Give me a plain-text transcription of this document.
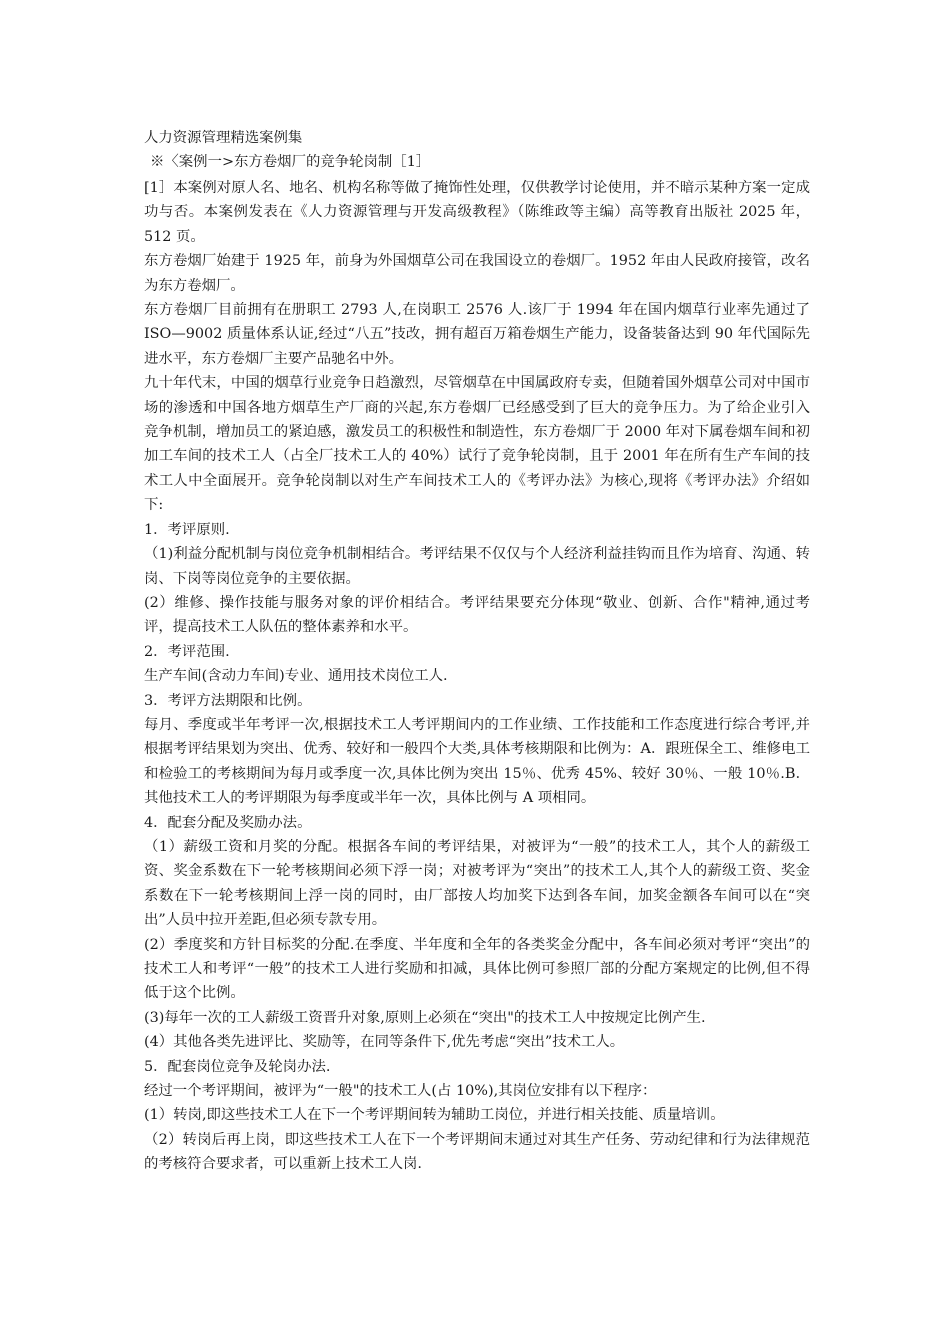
人力资源管理精选案例集

※〈案例一>东方卷烟厂的竞争轮岗制［1］

[1］本案例对原人名、地名、机构名称等做了掩饰性处理，仅供教学讨论使用，并不暗示某种方案一定成功与否。本案例发表在《人力资源管理与开发高级教程》（陈维政等主编）高等教育出版社 2025 年，512 页。

东方卷烟厂始建于 1925 年，前身为外国烟草公司在我国设立的卷烟厂。1952 年由人民政府接管，改名为东方卷烟厂。

东方卷烟厂目前拥有在册职工 2793 人,在岗职工 2576 人.该厂于 1994 年在国内烟草行业率先通过了 ISO—9002 质量体系认证,经过“八五”技改，拥有超百万箱卷烟生产能力，设备装备达到 90 年代国际先进水平，东方卷烟厂主要产品驰名中外。

九十年代末，中国的烟草行业竞争日趋激烈，尽管烟草在中国属政府专卖，但随着国外烟草公司对中国市场的渗透和中国各地方烟草生产厂商的兴起,东方卷烟厂已经感受到了巨大的竞争压力。为了给企业引入竞争机制，增加员工的紧迫感，激发员工的积极性和制造性，东方卷烟厂于 2000 年对下属卷烟车间和初加工车间的技术工人（占全厂技术工人的 40%）试行了竞争轮岗制，且于 2001 年在所有生产车间的技术工人中全面展开。竞争轮岗制以对生产车间技术工人的《考评办法》为核心,现将《考评办法》介绍如下:

1．考评原则.

（1)利益分配机制与岗位竞争机制相结合。考评结果不仅仅与个人经济利益挂钩而且作为培育、沟通、转岗、下岗等岗位竞争的主要依据。

(2）维修、操作技能与服务对象的评价相结合。考评结果要充分体现“敬业、创新、合作"精神,通过考评，提高技术工人队伍的整体素养和水平。

2．考评范围.

生产车间(含动力车间)专业、通用技术岗位工人.

3．考评方法期限和比例。

每月、季度或半年考评一次,根据技术工人考评期间内的工作业绩、工作技能和工作态度进行综合考评,并根据考评结果划为突出、优秀、较好和一般四个大类,具体考核期限和比例为：A．跟班保全工、维修电工和检验工的考核期间为每月或季度一次,具体比例为突出 15％、优秀 45%、较好 30％、一般 10％.B． 其他技术工人的考评期限为每季度或半年一次，具体比例与 A 项相同。

4．配套分配及奖励办法。

（1）薪级工资和月奖的分配。根据各车间的考评结果，对被评为“一般”的技术工人，其个人的薪级工资、奖金系数在下一轮考核期间必须下浮一岗；对被考评为“突出”的技术工人,其个人的薪级工资、奖金系数在下一轮考核期间上浮一岗的同时，由厂部按人均加奖下达到各车间，加奖金额各车间可以在“突出”人员中拉开差距,但必须专款专用。

(2）季度奖和方针目标奖的分配.在季度、半年度和全年的各类奖金分配中，各车间必须对考评“突出”的技术工人和考评“一般”的技术工人进行奖励和扣减，具体比例可参照厂部的分配方案规定的比例,但不得低于这个比例。

(3)每年一次的工人薪级工资晋升对象,原则上必须在“突出"的技术工人中按规定比例产生.

(4）其他各类先进评比、奖励等，在同等条件下,优先考虑“突出”技术工人。

5．配套岗位竞争及轮岗办法.

经过一个考评期间，被评为“一般"的技术工人(占 10%),其岗位安排有以下程序：

(1）转岗,即这些技术工人在下一个考评期间转为辅助工岗位，并进行相关技能、质量培训。

（2）转岗后再上岗，即这些技术工人在下一个考评期间末通过对其生产任务、劳动纪律和行为法律规范的考核符合要求者，可以重新上技术工人岗.
